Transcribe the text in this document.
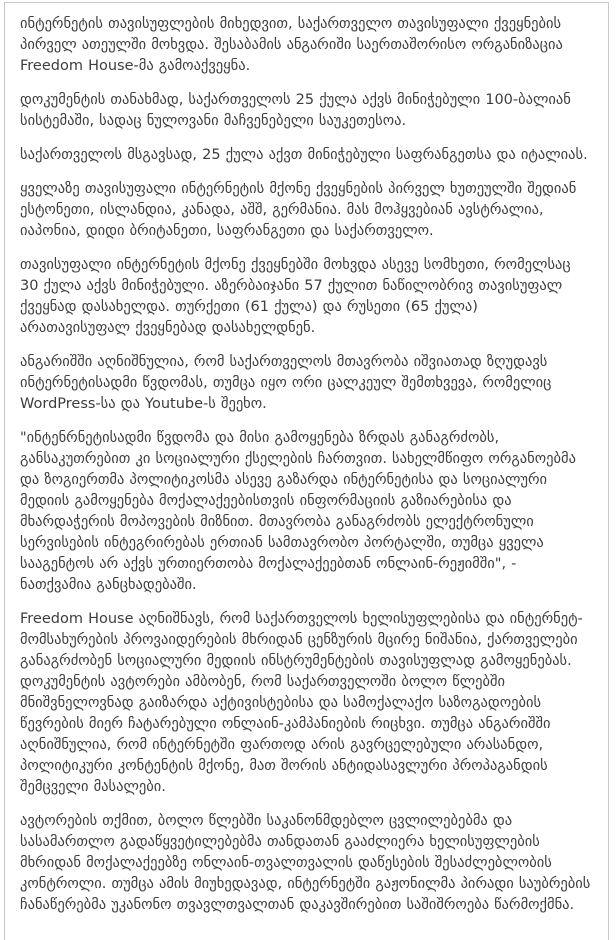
ინტერნეტის თავისუფლების მიხედვით, საქართველო თავისუფალი ქვეყნების პირველ ათეულში მოხვდა. შესაბამის ანგარიში საერთაშორისო ორგანიზაცია Freedom House-მა გამოაქვეყნა.

დოკუმენტის თანახმად, საქართველოს 25 ქულა აქვს მინიჭებული 100-ბალიან სისტემაში, სადაც ნულოვანი მაჩვენებელი საუკეთესოა.

საქართველოს მსგავსად, 25 ქულა აქვთ მინიჭებული საფრანგეთსა და იტალიას.

ყველაზე თავისუფალი ინტერნეტის მქონე ქვეყნების პირველ ხუთეულში შედიან ესტონეთი, ისლანდია, კანადა, აშშ, გერმანია. მას მოჰყვებიან ავსტრალია, იაპონია, დიდი ბრიტანეთი, საფრანგეთი და საქართველო.

თავისუფალი ინტერნეტის მქონე ქვეყნებში მოხვდა ასევე სომხეთი, რომელსაც 30 ქულა აქვს მინიჭებული. აზერბაიჯანი 57 ქულით ნაწილობრივ თავისუფალ ქვეყნად დასახელდა. თურქეთი (61 ქულა) და რუსეთი (65 ქულა) არათავისუფალ ქვეყნებად დასახელდნენ.

ანგარიშში აღნიშნულია, რომ საქართველოს მთავრობა იშვიათად ზღუდავს ინტერნეტისადმი წვდომას, თუმცა იყო ორი ცალკეულ შემთხვევა, რომელიც WordPress-სა და Youtube-ს შეეხო.

"ინტენრნეტისადმი წვდომა და მისი გამოყენება ზრდას განაგრძობს, განსაკუთრებით კი სოციალური ქსელების ჩართვით. სახელმწიფო ორგანოებმა და ზოგიერთმა პოლიტიკოსმა ასევე გაზარდა ინტერნეტისა და სოციალური მედიის გამოყენება მოქალაქეებისთვის ინფორმაციის გაზიარებისა და მხარდაჭერის მოპოვების მიზნით. მთავრობა განაგრძობს ელექტრონული სერვისების ინტეგრირებას ერთიან სამთავრობო პორტალში, თუმცა ყველა სააგენტოს არ აქვს ურთიერთობა მოქალაქეებთან ონლაინ-რეჟიმში", - ნათქვამია განცხადებაში.

Freedom House აღნიშნავს, რომ საქართველოს ხელისუფლებისა და ინტერნეტ-მომსახურების პროვაიდერების მხრიდან ცენზურის მცირე ნიშანია, ქართველები განაგრძობენ სოციალური მედიის ინსტრუმენტების თავისუფლად გამოყენებას. დოკუმენტის ავტორები ამბობენ, რომ საქართველოში ბოლო წლებში მნიშვნელოვნად გაიზარდა აქტივისტებისა და სამოქალაქო საზოგადოების წევრების მიერ ჩატარებული ონლაინ-კამპანიების რიცხვი. თუმცა ანგარიშში აღნიშნულია, რომ ინტერნეტში ფართოდ არის გავრცელებული არასანდო, პოლიტიკური კონტენტის მქონე, მათ შორის ანტიდასავლური პროპაგანდის შემცველი მასალები.

ავტორების თქმით, ბოლო წლებში საკანონმდებლო ცვლილებებმა და სასამართლო გადაწყვეტილებებმა თანდათან გააძლიერა ხელისუფლების მხრიდან მოქალაქეებზე ონლაინ-თვალთვალის დაწესების შესაძლებლობის კონტროლი. თუმცა ამის მიუხედავად, ინტერნეტში გაჟონილმა პირადი საუბრების ჩანაწერებმა უკანონო თვავლთვალთან დაკავშირებით საშიშროება წარმოქმნა.
